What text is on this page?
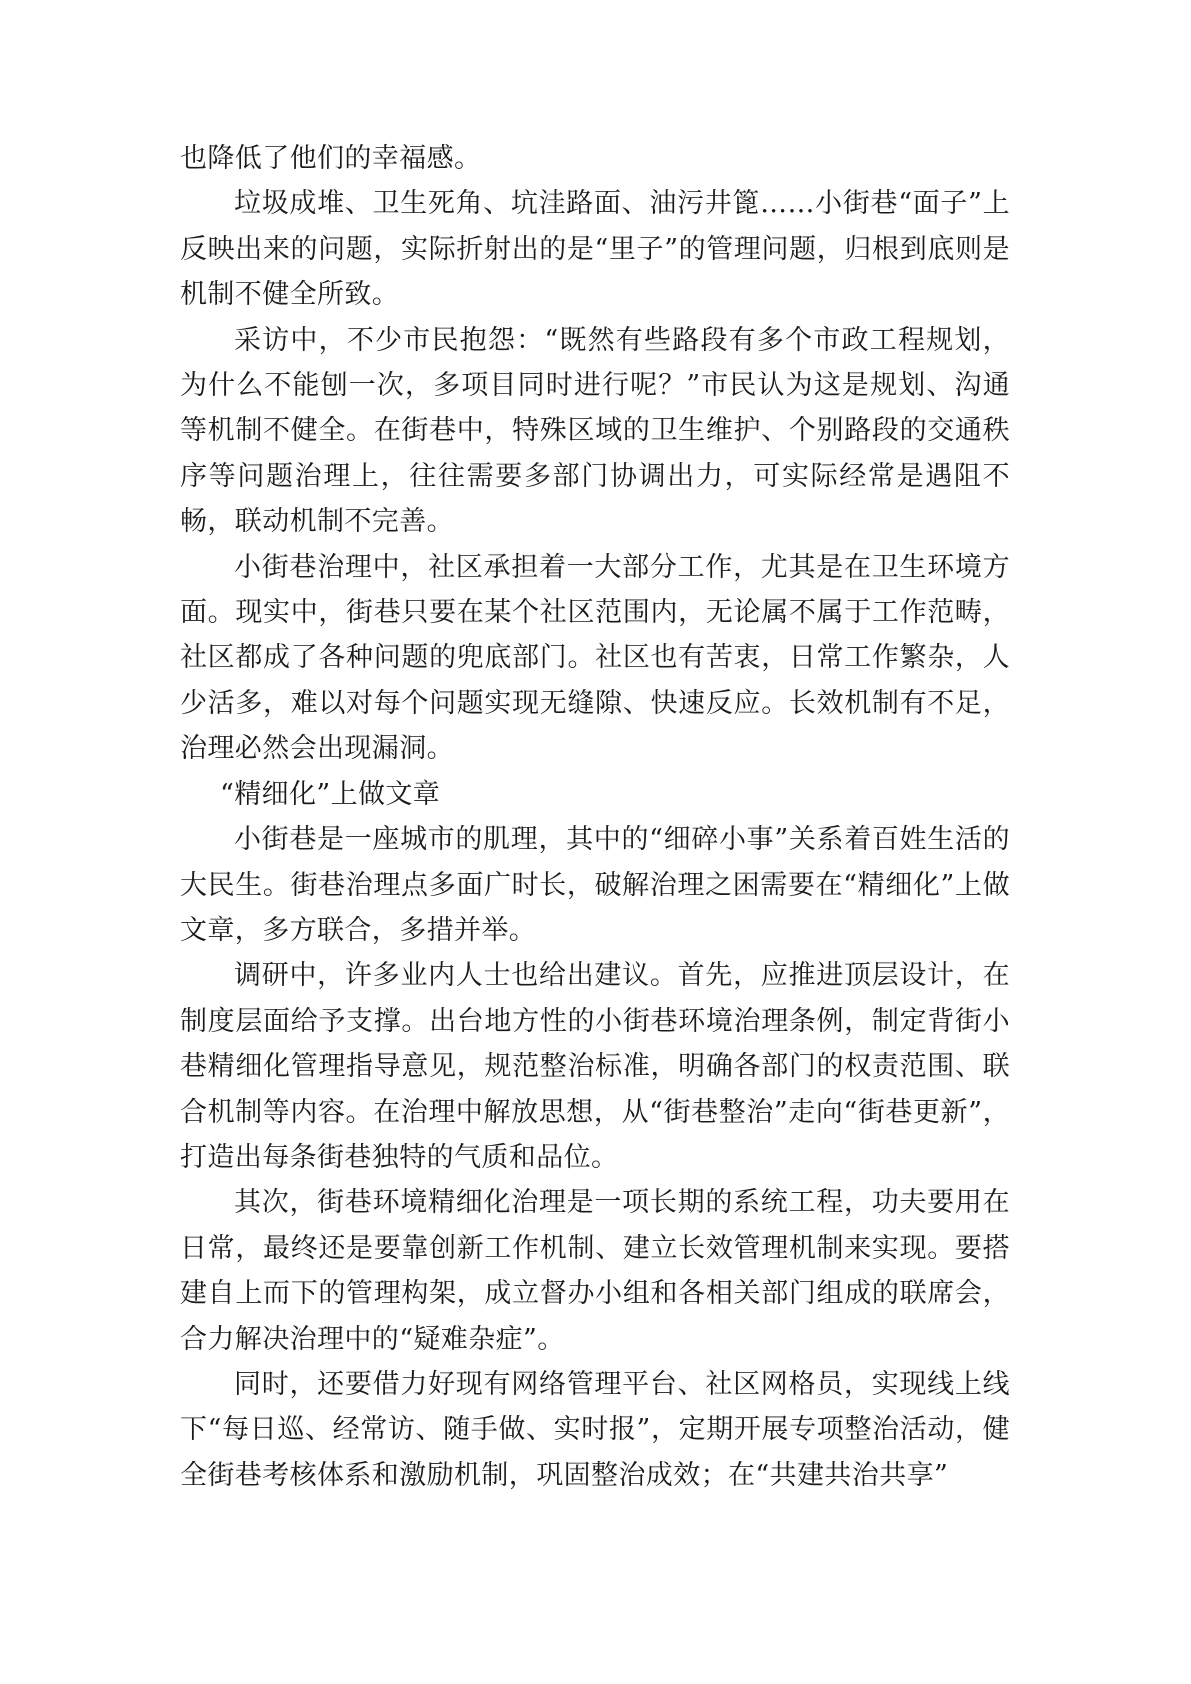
也降低了他们的幸福感。

垃圾成堆、卫生死角、坑洼路面、油污井篦……小街巷“面子”上反映出来的问题，实际折射出的是“里子”的管理问题，归根到底则是机制不健全所致。

采访中，不少市民抱怨：“既然有些路段有多个市政工程规划，为什么不能刨一次，多项目同时进行呢？”市民认为这是规划、沟通等机制不健全。在街巷中，特殊区域的卫生维护、个别路段的交通秩序等问题治理上，往往需要多部门协调出力，可实际经常是遇阻不畅，联动机制不完善。

小街巷治理中，社区承担着一大部分工作，尤其是在卫生环境方面。现实中，街巷只要在某个社区范围内，无论属不属于工作范畴，社区都成了各种问题的兜底部门。社区也有苦衷，日常工作繁杂，人少活多，难以对每个问题实现无缝隙、快速反应。长效机制有不足，治理必然会出现漏洞。

“精细化”上做文章

小街巷是一座城市的肌理，其中的“细碎小事”关系着百姓生活的大民生。街巷治理点多面广时长，破解治理之困需要在“精细化”上做文章，多方联合，多措并举。

调研中，许多业内人士也给出建议。首先，应推进顶层设计，在制度层面给予支撑。出台地方性的小街巷环境治理条例，制定背街小巷精细化管理指导意见，规范整治标准，明确各部门的权责范围、联合机制等内容。在治理中解放思想，从“街巷整治”走向“街巷更新”，打造出每条街巷独特的气质和品位。

其次，街巷环境精细化治理是一项长期的系统工程，功夫要用在日常，最终还是要靠创新工作机制、建立长效管理机制来实现。要搭建自上而下的管理构架，成立督办小组和各相关部门组成的联席会，合力解决治理中的“疑难杂症”。

同时，还要借力好现有网络管理平台、社区网格员，实现线上线下“每日巡、经常访、随手做、实时报”，定期开展专项整治活动，健全街巷考核体系和激励机制，巩固整治成效；在“共建共治共享”
